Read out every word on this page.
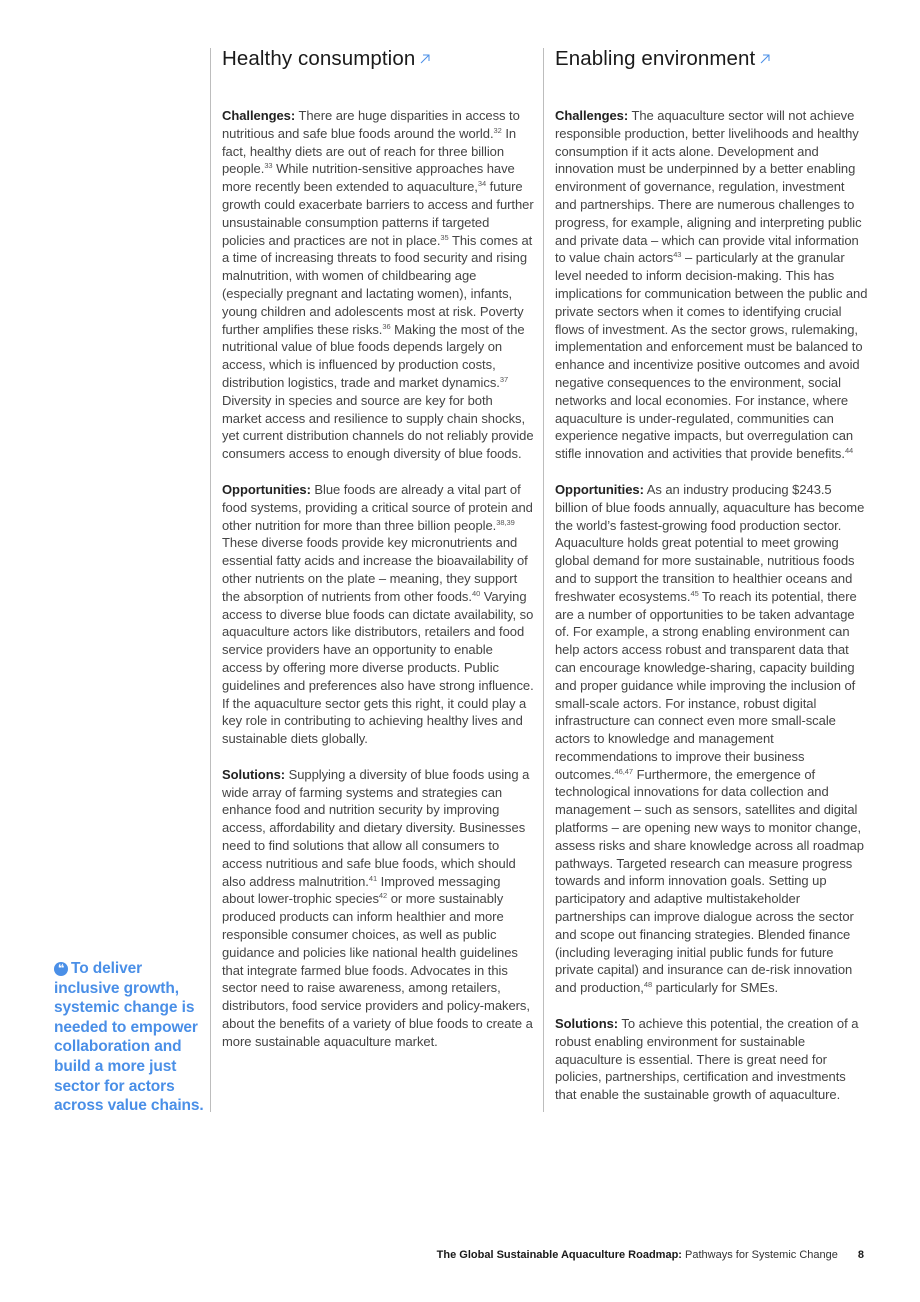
Healthy consumption

Challenges: There are huge disparities in access to nutritious and safe blue foods around the world.$^{32}$ In fact, healthy diets are out of reach for three billion people.$^{33}$ While nutrition-sensitive approaches have more recently been extended to aquaculture,$^{34}$ future growth could exacerbate barriers to access and further unsustainable consumption patterns if targeted policies and practices are not in place.$^{35}$ This comes at a time of increasing threats to food security and rising malnutrition, with women of childbearing age (especially pregnant and lactating women), infants, young children and adolescents most at risk. Poverty further amplifies these risks.$^{36}$ Making the most of the nutritional value of blue foods depends largely on access, which is influenced by production costs, distribution logistics, trade and market dynamics.$^{37}$ Diversity in species and source are key for both market access and resilience to supply chain shocks, yet current distribution channels do not reliably provide consumers access to enough diversity of blue foods.

Opportunities: Blue foods are already a vital part of food systems, providing a critical source of protein and other nutrition for more than three billion people.$^{38,39}$ These diverse foods provide key micronutrients and essential fatty acids and increase the bioavailability of other nutrients on the plate – meaning, they support the absorption of nutrients from other foods.$^{40}$ Varying access to diverse blue foods can dictate availability, so aquaculture actors like distributors, retailers and food service providers have an opportunity to enable access by offering more diverse products. Public guidelines and preferences also have strong influence. If the aquaculture sector gets this right, it could play a key role in contributing to achieving healthy lives and sustainable diets globally.

Solutions: Supplying a diversity of blue foods using a wide array of farming systems and strategies can enhance food and nutrition security by improving access, affordability and dietary diversity. Businesses need to find solutions that allow all consumers to access nutritious and safe blue foods, which should also address malnutrition.$^{41}$ Improved messaging about lower-trophic species$^{42}$ or more sustainably produced products can inform healthier and more responsible consumer choices, as well as public guidance and policies like national health guidelines that integrate farmed blue foods. Advocates in this sector need to raise awareness, among retailers, distributors, food service providers and policy-makers, about the benefits of a variety of blue foods to create a more sustainable aquaculture market.

Enabling environment

Challenges: The aquaculture sector will not achieve responsible production, better livelihoods and healthy consumption if it acts alone. Development and innovation must be underpinned by a better enabling environment of governance, regulation, investment and partnerships. There are numerous challenges to progress, for example, aligning and interpreting public and private data – which can provide vital information to value chain actors$^{43}$ – particularly at the granular level needed to inform decision-making. This has implications for communication between the public and private sectors when it comes to identifying crucial flows of investment. As the sector grows, rulemaking, implementation and enforcement must be balanced to enhance and incentivize positive outcomes and avoid negative consequences to the environment, social networks and local economies. For instance, where aquaculture is under-regulated, communities can experience negative impacts, but overregulation can stifle innovation and activities that provide benefits.$^{44}$

Opportunities: As an industry producing $243.5 billion of blue foods annually, aquaculture has become the world’s fastest-growing food production sector. Aquaculture holds great potential to meet growing global demand for more sustainable, nutritious foods and to support the transition to healthier oceans and freshwater ecosystems.$^{45}$ To reach its potential, there are a number of opportunities to be taken advantage of. For example, a strong enabling environment can help actors access robust and transparent data that can encourage knowledge-sharing, capacity building and proper guidance while improving the inclusion of small-scale actors. For instance, robust digital infrastructure can connect even more small-scale actors to knowledge and management recommendations to improve their business outcomes.$^{46,47}$ Furthermore, the emergence of technological innovations for data collection and management – such as sensors, satellites and digital platforms – are opening new ways to monitor change, assess risks and share knowledge across all roadmap pathways. Targeted research can measure progress towards and inform innovation goals. Setting up participatory and adaptive multistakeholder partnerships can improve dialogue across the sector and scope out financing strategies. Blended finance (including leveraging initial public funds for future private capital) and insurance can de-risk innovation and production,$^{48}$ particularly for SMEs.

Solutions: To achieve this potential, the creation of a robust enabling environment for sustainable aquaculture is essential. There is great need for policies, partnerships, certification and investments that enable the sustainable growth of aquaculture.

❝ To deliver inclusive growth, systemic change is needed to empower collaboration and build a more just sector for actors across value chains.
The Global Sustainable Aquaculture Roadmap: Pathways for Systemic Change 8
